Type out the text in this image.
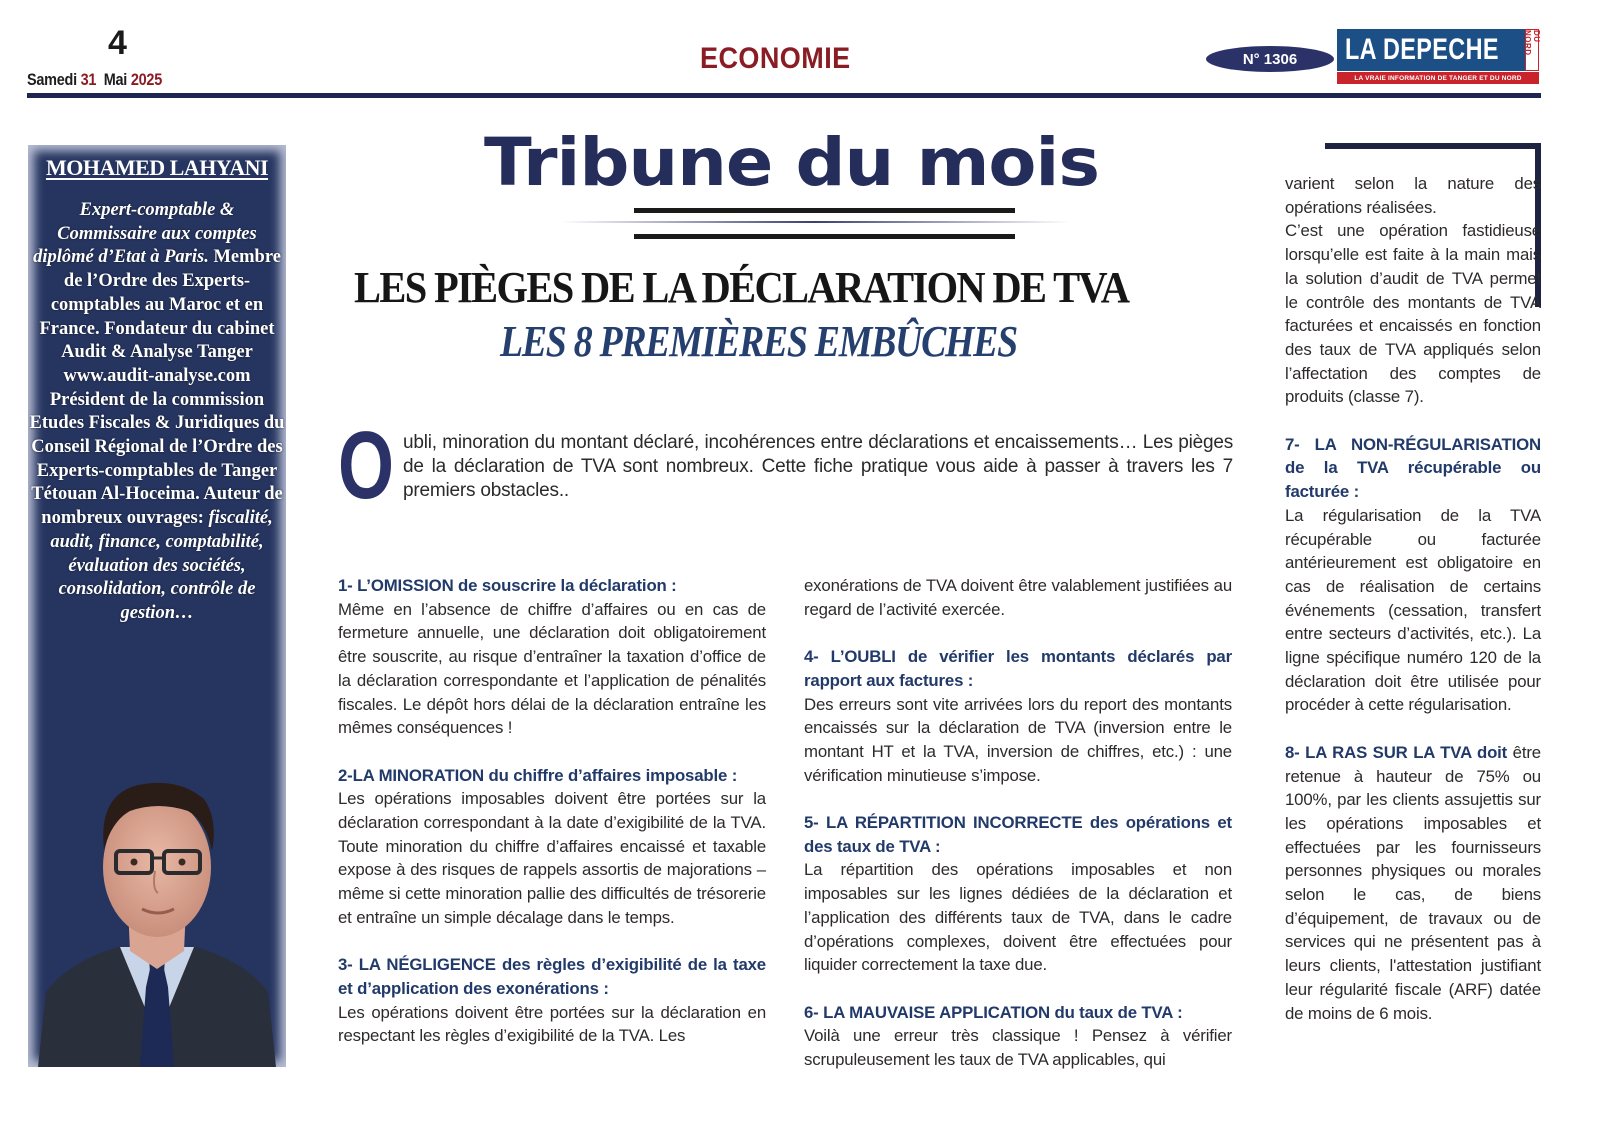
4
Samedi 31 Mai 2025
ECONOMIE	N° 1306	LA DEPECHE	DU NORD
LA VRAIE INFORMATION DE TANGER ET DU NORD
MOHAMED LAHYANI
Expert-comptable & Commissaire aux comptes diplômé d’Etat à Paris. Membre de l’Ordre des Experts-comptables au Maroc et en France. Fondateur du cabinet Audit & Analyse Tanger www.audit-analyse.com Président de la commission Etudes Fiscales & Juridiques du Conseil Régional de l’Ordre des Experts-comptables de Tanger Tétouan Al-Hoceima. Auteur de nombreux ouvrages: fiscalité, audit, finance, comptabilité, évaluation des sociétés, consolidation, contrôle de gestion…
Tribune du mois
LES PIÈGES DE LA DÉCLARATION DE TVA
LES 8 PREMIÈRES EMBÛCHES
O ubli, minoration du montant déclaré, incohérences entre déclarations et encaissements… Les pièges de la déclaration de TVA sont nombreux. Cette fiche pratique vous aide à passer à travers les 7 premiers obstacles..

1- L’OMISSION de souscrire la déclaration :

Même en l’absence de chiffre d’affaires ou en cas de fermeture annuelle, une déclaration doit obligatoirement être souscrite, au risque d’entraîner la taxation d’office de la déclaration correspondante et l’application de pénalités fiscales. Le dépôt hors délai de la déclaration entraîne les mêmes conséquences !

2-LA MINORATION du chiffre d’affaires imposable :

Les opérations imposables doivent être portées sur la déclaration correspondant à la date d’exigibilité de la TVA. Toute minoration du chiffre d’affaires encaissé et taxable expose à des risques de rappels assortis de majorations – même si cette minoration pallie des difficultés de trésorerie et entraîne un simple décalage dans le temps.

3- LA NÉGLIGENCE des règles d’exigibilité de la taxe et d’application des exonérations :

Les opérations doivent être portées sur la déclaration en respectant les règles d’exigibilité de la TVA. Les

exonérations de TVA doivent être valablement justifiées au regard de l’activité exercée.

4- L’OUBLI de vérifier les montants déclarés par rapport aux factures :

Des erreurs sont vite arrivées lors du report des montants encaissés sur la déclaration de TVA (inversion entre le montant HT et la TVA, inversion de chiffres, etc.) : une vérification minutieuse s’impose.

5- LA RÉPARTITION INCORRECTE des opérations et des taux de TVA :

La répartition des opérations imposables et non imposables sur les lignes dédiées de la déclaration et l’application des différents taux de TVA, dans le cadre d’opérations complexes, doivent être effectuées pour liquider correctement la taxe due.

6- LA MAUVAISE APPLICATION du taux de TVA :

Voilà une erreur très classique ! Pensez à vérifier scrupuleusement les taux de TVA applicables, qui

varient selon la nature des opérations réalisées.

C’est une opération fastidieuse lorsqu’elle est faite à la main mais la solution d’audit de TVA permet le contrôle des montants de TVA facturées et encaissés en fonction des taux de TVA appliqués selon l’affectation des comptes de produits (classe 7).

7- LA NON-RÉGULARISATION de la TVA récupérable ou facturée :

La régularisation de la TVA récupérable ou facturée antérieurement est obligatoire en cas de réalisation de certains événements (cessation, transfert entre secteurs d’activités, etc.). La ligne spécifique numéro 120 de la déclaration doit être utilisée pour procéder à cette régularisation.

8- LA RAS SUR LA TVA doit être retenue à hauteur de 75% ou 100%, par les clients assujettis sur les opérations imposables et effectuées par les fournisseurs personnes physiques ou morales selon le cas, de biens d’équipement, de travaux ou de services qui ne présentent pas à leurs clients, l'attestation justifiant leur régularité fiscale (ARF) datée de moins de 6 mois.
